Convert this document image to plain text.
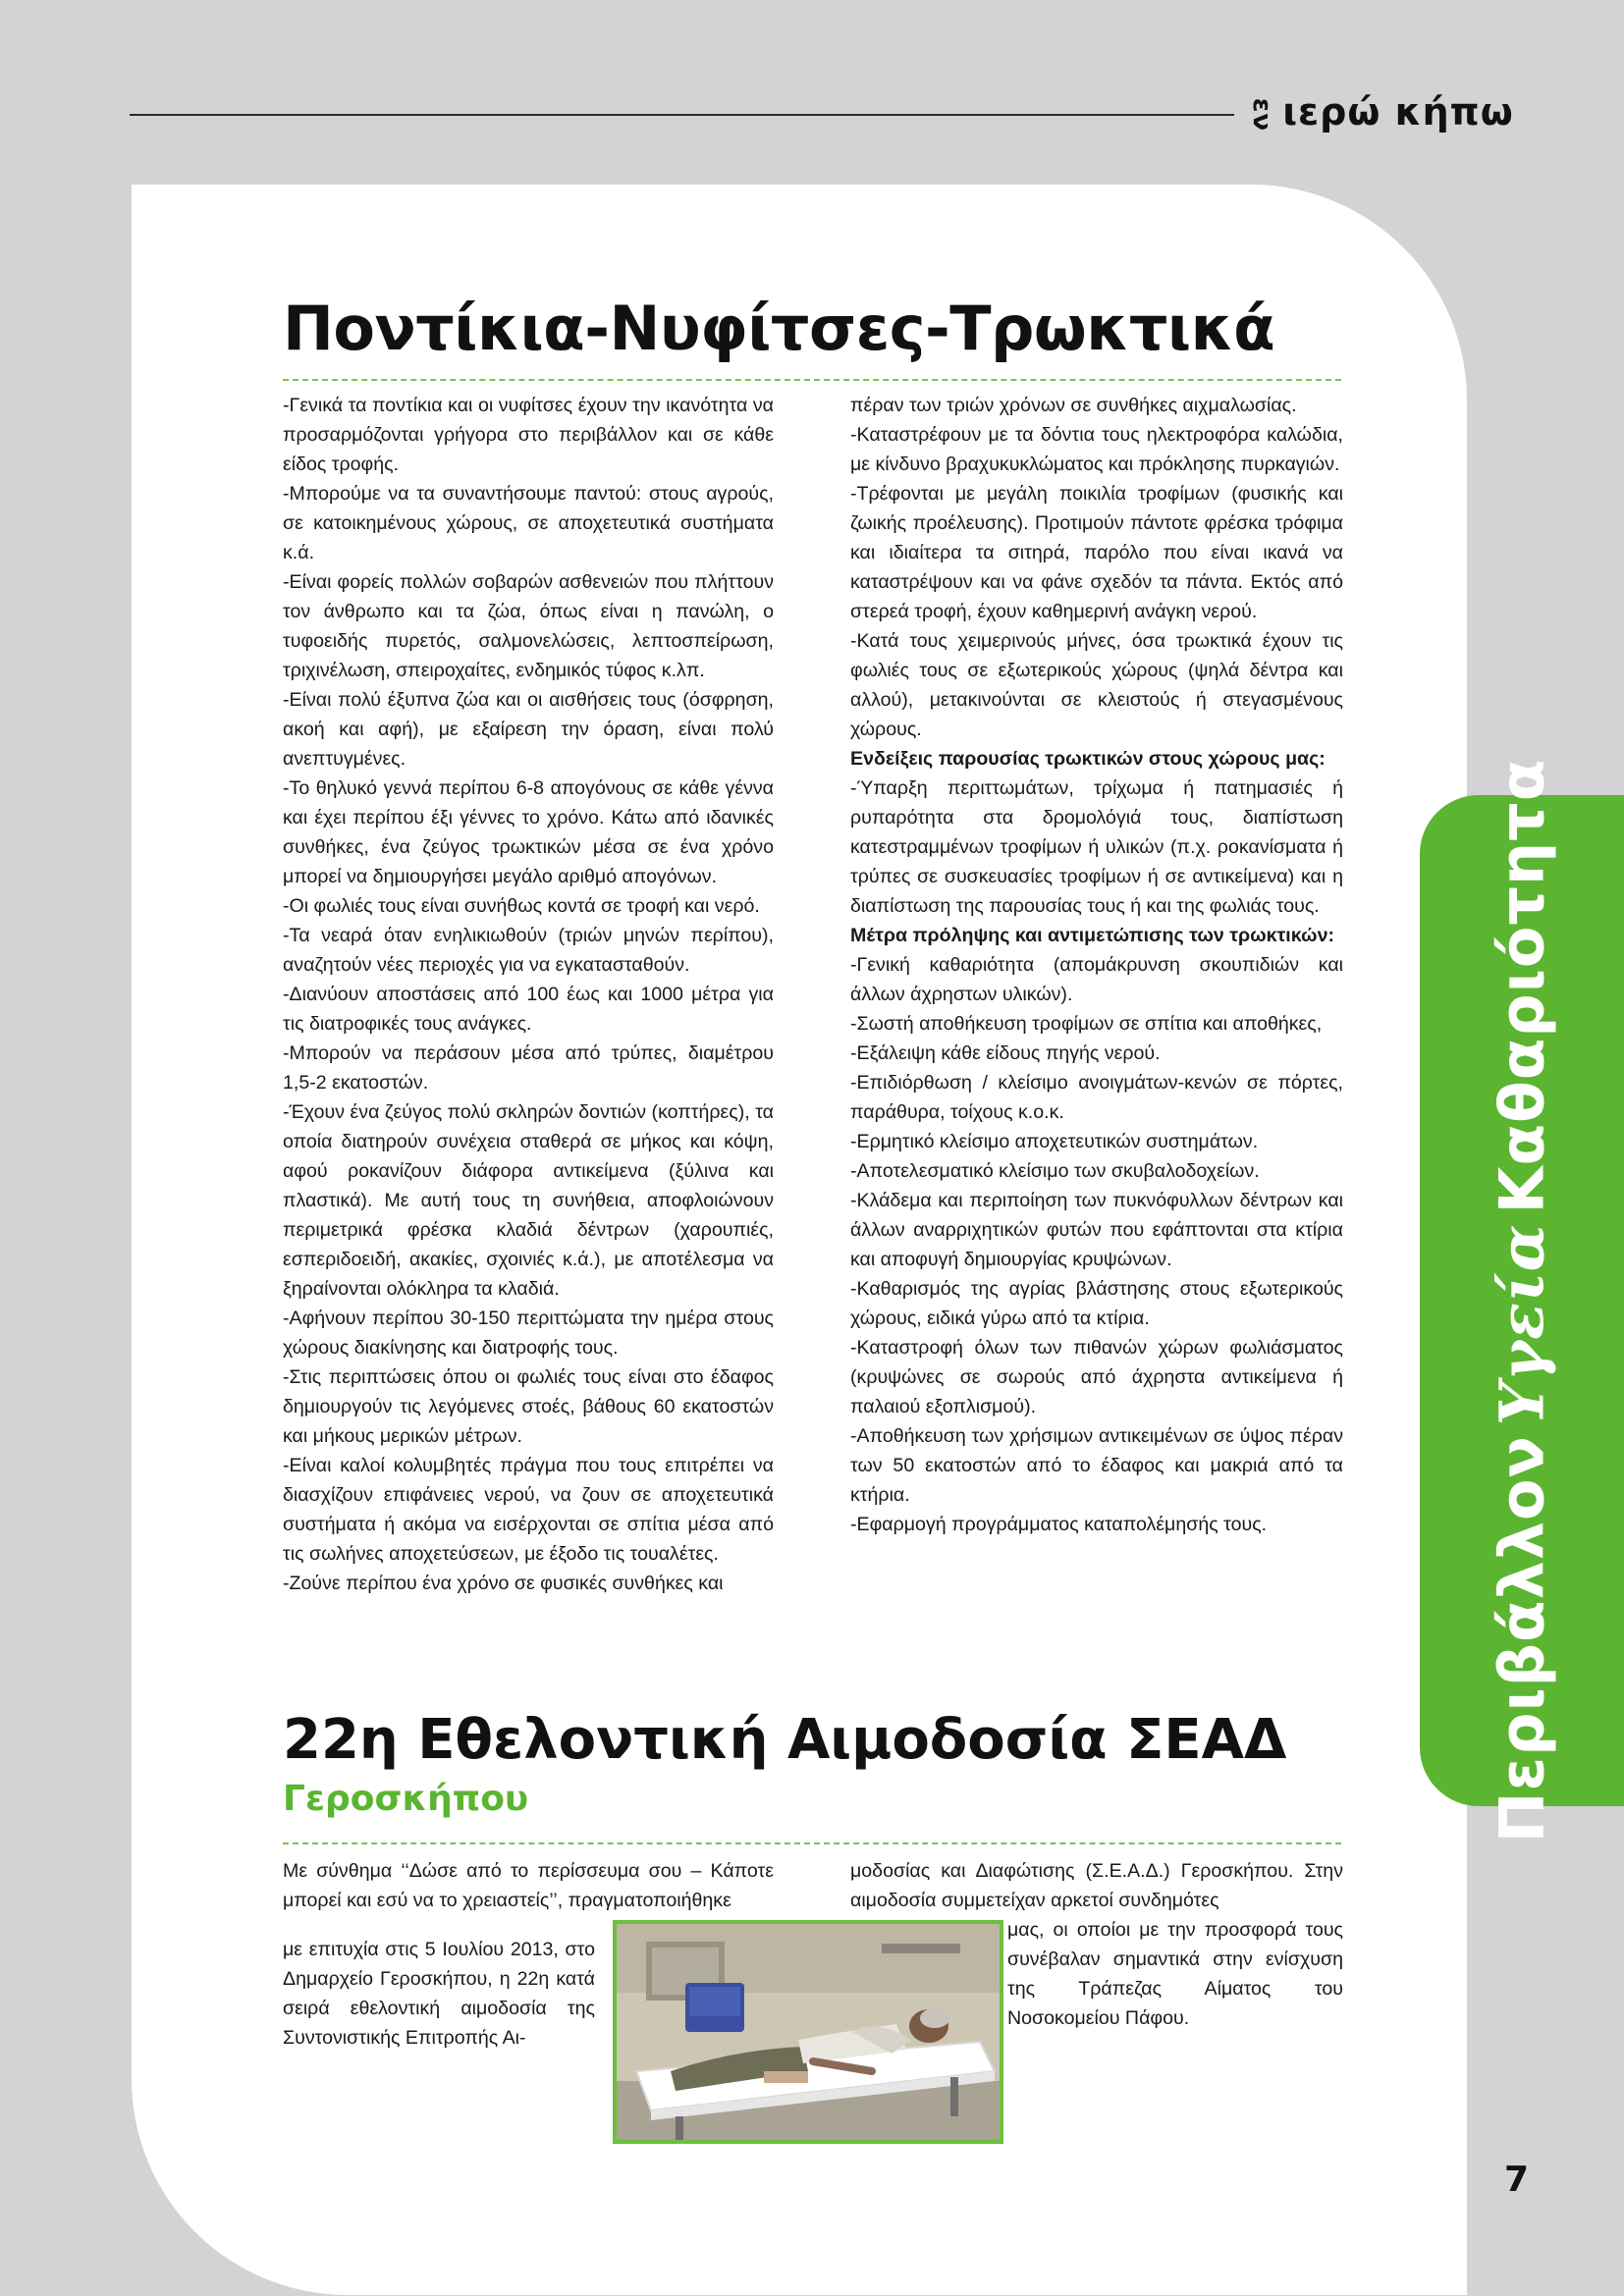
εν ιερώ κήπω
ΠεριβάλλονΥγείαΚαθαριότητα
Ποντίκια-Νυφίτσες-Τρωκτικά

-Γενικά τα ποντίκια και οι νυφίτσες έχουν την ικανότητα να προσαρμόζονται γρήγορα στο περιβάλλον και σε κάθε είδος τροφής.

-Μπορούμε να τα συναντήσουμε παντού: στους αγρούς, σε κατοικημένους χώρους, σε αποχετευτικά συστήματα κ.ά.

-Είναι φορείς πολλών σοβαρών ασθενειών που πλήττουν τον άνθρωπο και τα ζώα, όπως είναι η πανώλη, ο τυφοειδής πυρετός, σαλμονελώσεις, λεπτοσπείρωση, τριχινέλωση, σπειροχαίτες, ενδημικός τύφος κ.λπ.

-Είναι πολύ έξυπνα ζώα και οι αισθήσεις τους (όσφρηση, ακοή και αφή), με εξαίρεση την όραση, είναι πολύ ανεπτυγμένες.

-Το θηλυκό γεννά περίπου 6-8 απογόνους σε κάθε γέννα και έχει περίπου έξι γέννες το χρόνο. Κάτω από ιδανικές συνθήκες, ένα ζεύγος τρωκτικών μέσα σε ένα χρόνο μπορεί να δημιουργήσει μεγάλο αριθμό απογόνων.

-Οι φωλιές τους είναι συνήθως κοντά σε τροφή και νερό.

-Τα νεαρά όταν ενηλικιωθούν (τριών μηνών περίπου), αναζητούν νέες περιοχές για να εγκατασταθούν.

-Διανύουν αποστάσεις από 100 έως και 1000 μέτρα για τις διατροφικές τους ανάγκες.

-Μπορούν να περάσουν μέσα από τρύπες, διαμέτρου 1,5-2 εκατοστών.

-Έχουν ένα ζεύγος πολύ σκληρών δοντιών (κοπτήρες), τα οποία διατηρούν συνέχεια σταθερά σε μήκος και κόψη, αφού ροκανίζουν διάφορα αντικείμενα (ξύλινα και πλαστικά). Με αυτή τους τη συνήθεια, αποφλοιώνουν περιμετρικά φρέσκα κλαδιά δέντρων (χαρουπιές, εσπεριδοειδή, ακακίες, σχοινιές κ.ά.), με αποτέλεσμα να ξηραίνονται ολόκληρα τα κλαδιά.

-Αφήνουν περίπου 30-150 περιττώματα την ημέρα στους χώρους διακίνησης και διατροφής τους.

-Στις περιπτώσεις όπου οι φωλιές τους είναι στο έδαφος δημιουργούν τις λεγόμενες στοές, βάθους 60 εκατοστών και μήκους μερικών μέτρων.

-Είναι καλοί κολυμβητές πράγμα που τους επιτρέπει να διασχίζουν επιφάνειες νερού, να ζουν σε αποχετευτικά συστήματα ή ακόμα να εισέρχονται σε σπίτια μέσα από τις σωλήνες αποχετεύσεων, με έξοδο τις τουαλέτες.

-Ζούνε περίπου ένα χρόνο σε φυσικές συνθήκες και

πέραν των τριών χρόνων σε συνθήκες αιχμαλωσίας.

-Καταστρέφουν με τα δόντια τους ηλεκτροφόρα καλώδια, με κίνδυνο βραχυκυκλώματος και πρόκλησης πυρκαγιών.

-Τρέφονται με μεγάλη ποικιλία τροφίμων (φυσικής και ζωικής προέλευσης). Προτιμούν πάντοτε φρέσκα τρόφιμα και ιδιαίτερα τα σιτηρά, παρόλο που είναι ικανά να καταστρέψουν και να φάνε σχεδόν τα πάντα. Εκτός από στερεά τροφή, έχουν καθημερινή ανάγκη νερού.

-Κατά τους χειμερινούς μήνες, όσα τρωκτικά έχουν τις φωλιές τους σε εξωτερικούς χώρους (ψηλά δέντρα και αλλού), μετακινούνται σε κλειστούς ή στεγασμένους χώρους.

Ενδείξεις παρουσίας τρωκτικών στους χώρους μας:

-Ύπαρξη περιττωμάτων, τρίχωμα ή πατημασιές ή ρυπαρότητα στα δρομολόγιά τους, διαπίστωση κατεστραμμένων τροφίμων ή υλικών (π.χ. ροκανίσματα ή τρύπες σε συσκευασίες τροφίμων ή σε αντικείμενα) και η διαπίστωση της παρουσίας τους ή και της φωλιάς τους.

Μέτρα πρόληψης και αντιμετώπισης των τρωκτικών:

-Γενική καθαριότητα (απομάκρυνση σκουπιδιών και άλλων άχρηστων υλικών).

-Σωστή αποθήκευση τροφίμων σε σπίτια και αποθήκες,

-Εξάλειψη κάθε είδους πηγής νερού.

-Επιδιόρθωση / κλείσιμο ανοιγμάτων-κενών σε πόρτες, παράθυρα, τοίχους κ.ο.κ.

-Ερμητικό κλείσιμο αποχετευτικών συστημάτων.

-Αποτελεσματικό κλείσιμο των σκυβαλοδοχείων.

-Κλάδεμα και περιποίηση των πυκνόφυλλων δέντρων και άλλων αναρριχητικών φυτών που εφάπτονται στα κτίρια και αποφυγή δημιουργίας κρυψώνων.

-Καθαρισμός της αγρίας βλάστησης στους εξωτερικούς χώρους, ειδικά γύρω από τα κτίρια.

-Καταστροφή όλων των πιθανών χώρων φωλιάσματος (κρυψώνες σε σωρούς από άχρηστα αντικείμενα ή παλαιού εξοπλισμού).

-Αποθήκευση των χρήσιμων αντικειμένων σε ύψος πέραν των 50 εκατοστών από το έδαφος και μακριά από τα κτήρια.

-Εφαρμογή προγράμματος καταπολέμησής τους.

22η Εθελοντική Αιμοδοσία ΣΕΑΔ
Γεροσκήπου

Με σύνθημα ‘‘Δώσε από το περίσσευμα σου – Κάποτε μπορεί και εσύ να το χρειαστείς’’, πραγματοποιήθηκε

με επιτυχία στις 5 Ιουλίου 2013, στο Δημαρχείο Γεροσκήπου, η 22η κατά σειρά εθελοντική αιμοδοσία της Συντονιστικής Επιτροπής Αι-

μοδοσίας και Διαφώτισης (Σ.Ε.Α.Δ.) Γεροσκήπου. Στην αιμοδοσία συμμετείχαν αρκετοί συνδημότες

μας, οι οποίοι με την προσφορά τους συνέβαλαν σημαντικά στην ενίσχυση της Τράπεζας Αίματος του Νοσοκομείου Πάφου.

7
